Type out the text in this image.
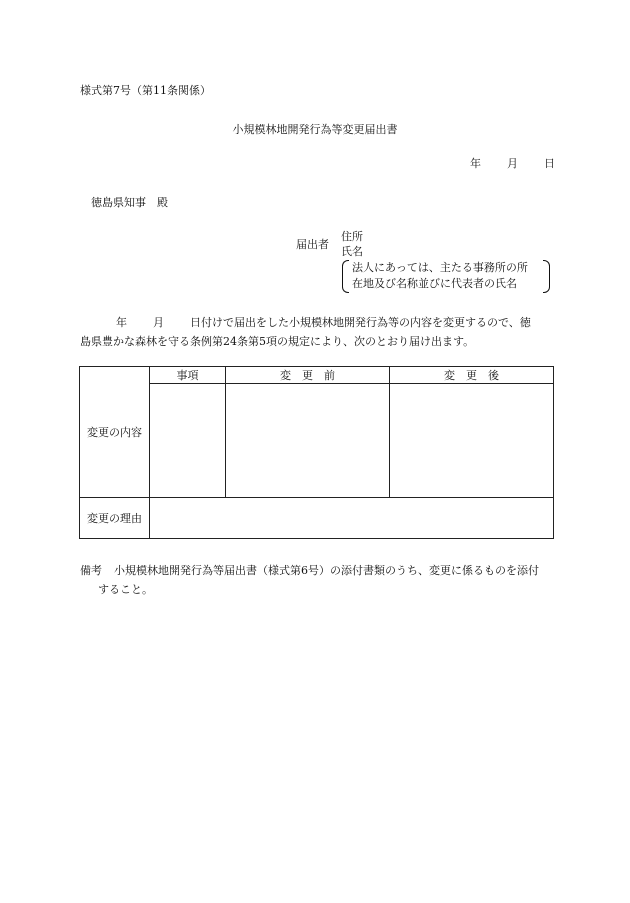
様式第7号（第11条関係）
小規模林地開発行為等変更届出書
年 月 日
徳島県知事　殿
届出者
住所
氏名
法人にあっては、主たる事務所の所
在地及び名称並びに代表者の氏名
年 月 日付けで届出をした小規模林地開発行為等の内容を変更するので、徳
島県豊かな森林を守る条例第24条第5項の規定により、次のとおり届け出ます。
変更の内容	事項	変　更　前	変　更　後

変更の理由			
備考 小規模林地開発行為等届出書（様式第6号）の添付書類のうち、変更に係るものを添付
すること。
